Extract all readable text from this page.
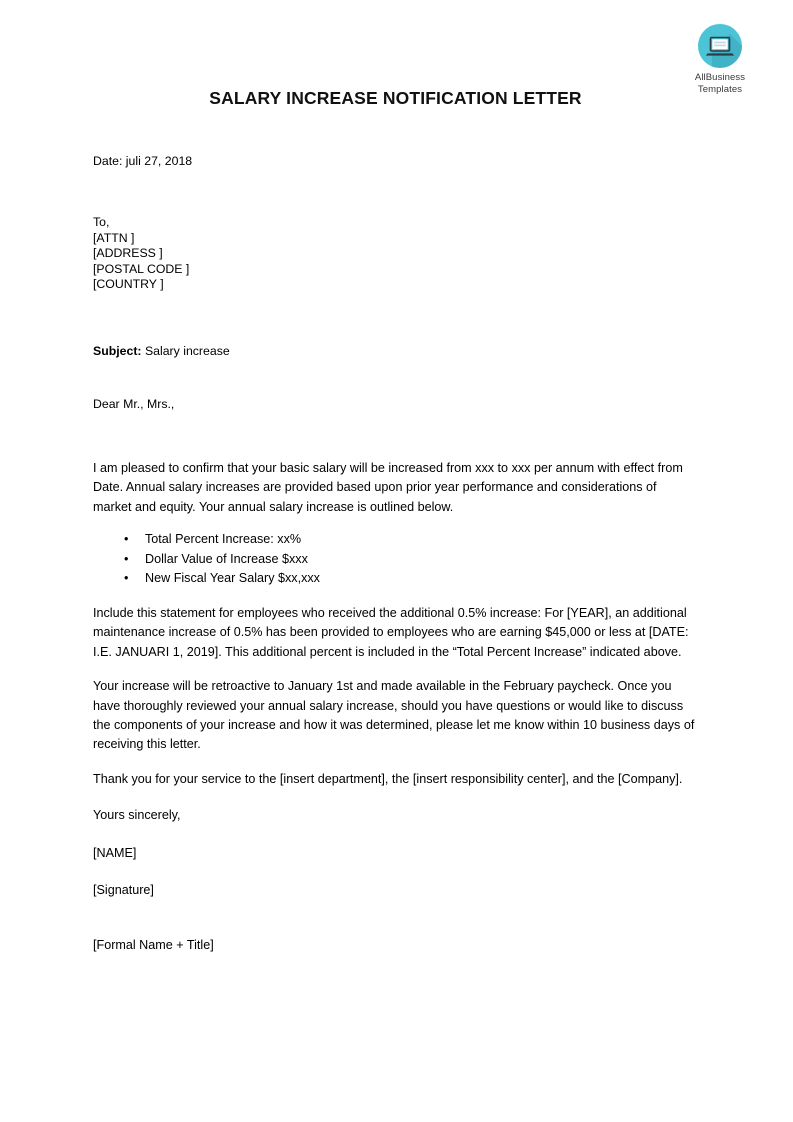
AllBusiness
Templates
SALARY INCREASE NOTIFICATION LETTER
Date: juli 27, 2018
To,
[ATTN ]
[ADDRESS ]
[POSTAL CODE ]
[COUNTRY ]
Subject: Salary increase
Dear Mr., Mrs.,
I am pleased to confirm that your basic salary will be increased from xxx to xxx per annum with effect from Date. Annual salary increases are provided based upon prior year performance and considerations of market and equity. Your annual salary increase is outlined below.
• Total Percent Increase: xx%
• Dollar Value of Increase $xxx
• New Fiscal Year Salary $xx,xxx
Include this statement for employees who received the additional 0.5% increase: For [YEAR], an additional maintenance increase of 0.5% has been provided to employees who are earning $45,000 or less at [DATE: I.E. JANUARI 1, 2019]. This additional percent is included in the “Total Percent Increase” indicated above.
Your increase will be retroactive to January 1st and made available in the February paycheck. Once you have thoroughly reviewed your annual salary increase, should you have questions or would like to discuss the components of your increase and how it was determined, please let me know within 10 business days of receiving this letter.
Thank you for your service to the [insert department], the [insert responsibility center], and the [Company].
Yours sincerely,
[NAME]
[Signature]
[Formal Name + Title]
